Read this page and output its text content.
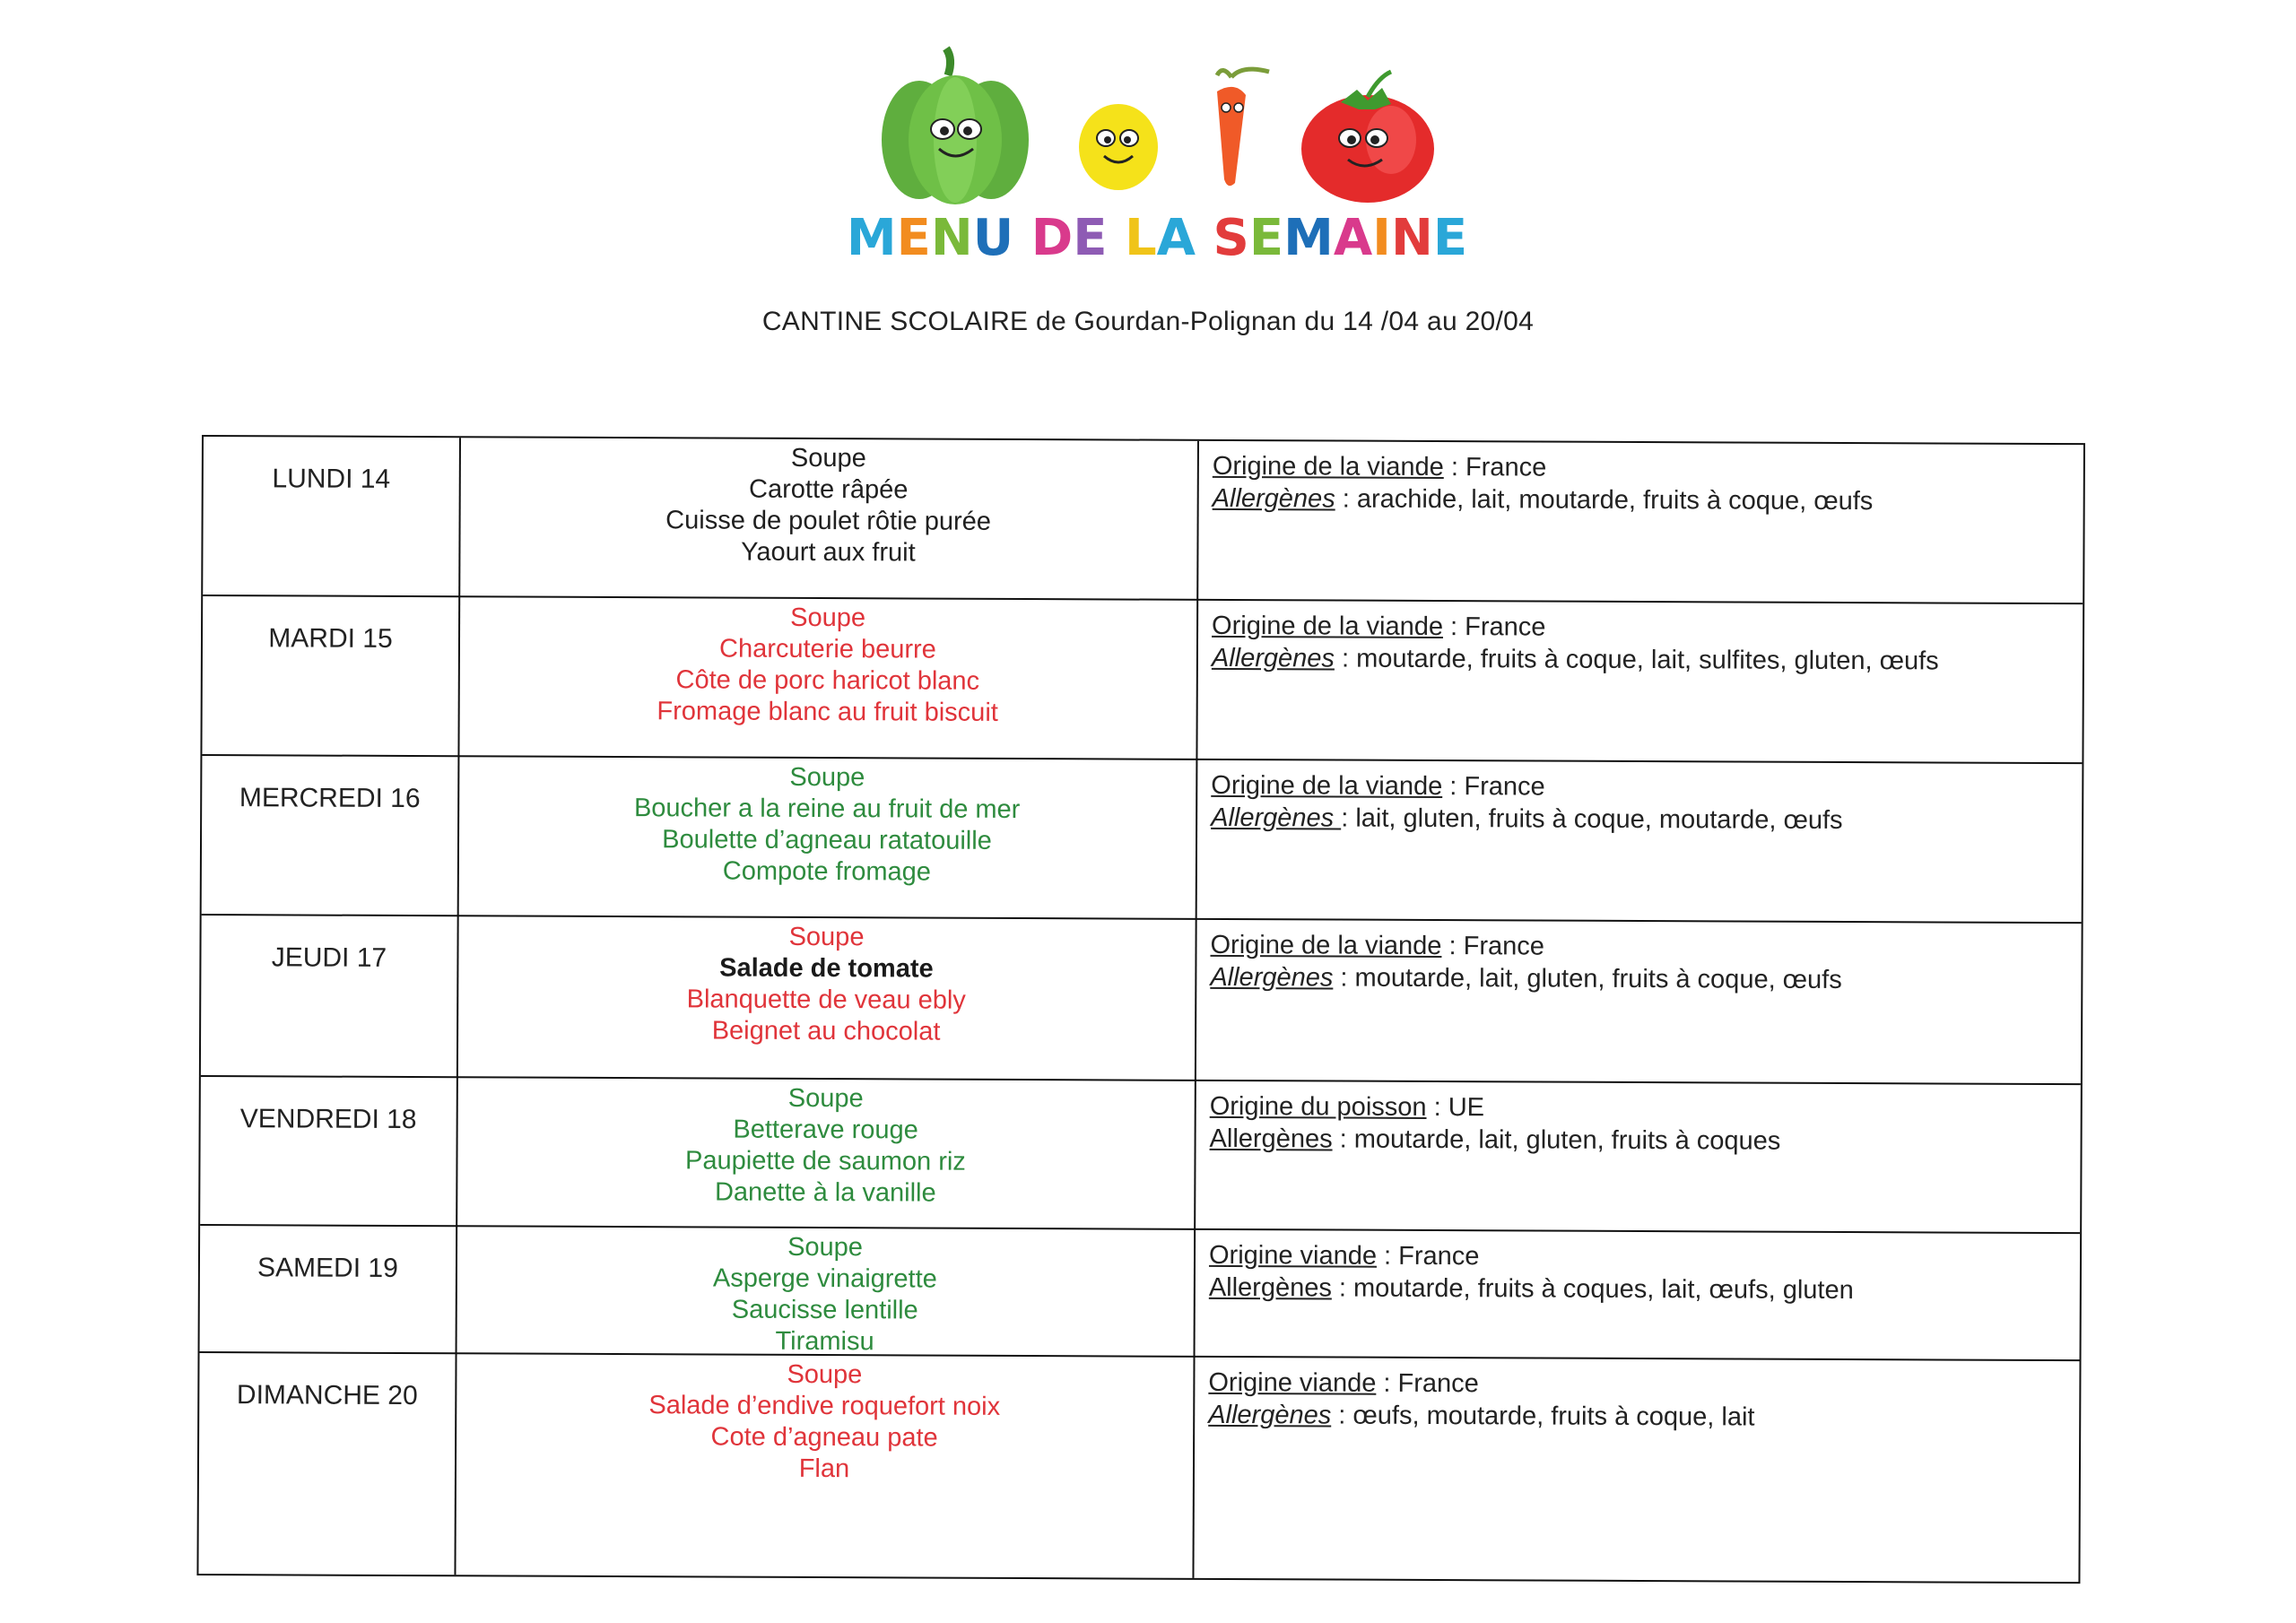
MENU DE LA SEMAINE
CANTINE SCOLAIRE de Gourdan-Polignan du 14 /04 au 20/04
LUNDI 14
Soupe
Carotte râpée
Cuisse de poulet rôtie purée
Yaourt aux fruit
Origine de la viande : France
Allergènes : arachide, lait, moutarde, fruits à coque, œufs
MARDI 15
Soupe
Charcuterie beurre
Côte de porc haricot blanc
Fromage blanc au fruit biscuit
Origine de la viande : France
Allergènes : moutarde, fruits à coque, lait, sulfites, gluten, œufs
MERCREDI 16
Soupe
Boucher a la reine au fruit de mer
Boulette d’agneau ratatouille
Compote fromage
Origine de la viande : France
Allergènes : lait, gluten, fruits à coque, moutarde, œufs
JEUDI 17
Soupe
Salade de tomate
Blanquette de veau ebly
Beignet au chocolat
Origine de la viande : France
Allergènes : moutarde, lait, gluten, fruits à coque, œufs
VENDREDI 18
Soupe
Betterave rouge
Paupiette de saumon riz
Danette à la vanille
Origine du poisson : UE
Allergènes : moutarde, lait, gluten, fruits à coques
SAMEDI 19
Soupe
Asperge vinaigrette
Saucisse lentille
Tiramisu
Origine viande : France
Allergènes : moutarde, fruits à coques, lait, œufs, gluten
DIMANCHE 20
Soupe
Salade d’endive roquefort noix
Cote d’agneau pate
Flan
Origine viande : France
Allergènes : œufs, moutarde, fruits à coque, lait
